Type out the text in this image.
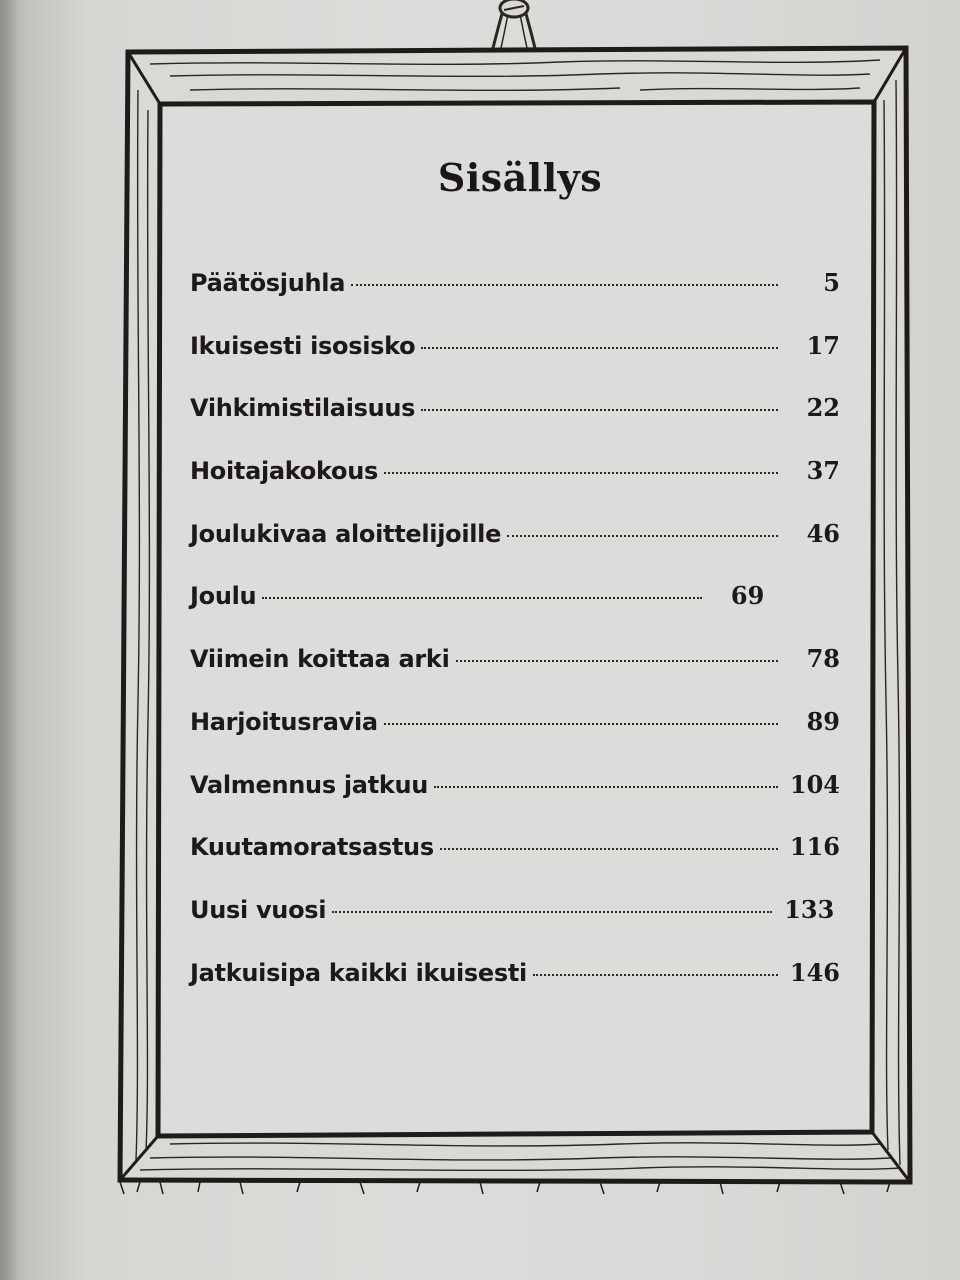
Sisällys
Päätösjuhla	5
Ikuisesti isosisko	17
Vihkimistilaisuus	22
Hoitajakokous	37
Joulukivaa aloittelijoille	46
Joulu	69
Viimein koittaa arki	78
Harjoitusravia	89
Valmennus jatkuu	104
Kuutamoratsastus	116
Uusi vuosi	133
Jatkuisipa kaikki ikuisesti	146
